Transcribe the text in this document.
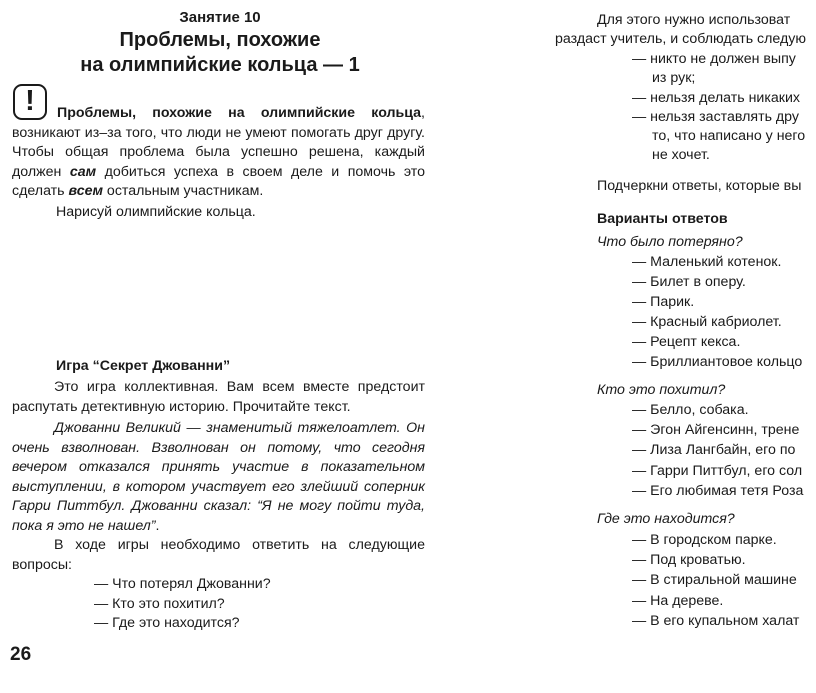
Занятие 10
Проблемы, похожие
на олимпийские кольца — 1
!	Проблемы, похожие на олимпийские кольца, возникают из–за того, что люди не умеют помогать друг другу. Чтобы общая проблема была успешно решена, каждый должен сам добиться успеха в своем деле и помочь это сделать всем остальным участникам.
Нарисуй олимпийские кольца.
Игра “Секрет Джованни”
Это игра коллективная. Вам всем вместе предстоит распутать детективную историю. Прочитайте текст.
Джованни Великий — знаменитый тяжелоатлет. Он очень взволнован. Взволнован он потому, что сегодня вечером отказался принять участие в показательном выступлении, в котором участвует его злейший соперник Гарри Питтбул. Джованни сказал: “Я не могу пойти туда, пока я это не нашел”.
В ходе игры необходимо ответить на следующие вопросы:
— Что потерял Джованни?
— Кто это похитил?
— Где это находится?
26
Для этого нужно использоват
раздаст учитель, и соблюдать следую
— никто не должен выпу
из рук;
— нельзя делать никаких
— нельзя заставлять дру
то, что написано у него
не хочет.
Подчеркни ответы, которые вы
Варианты ответов
Что было потеряно?
— Маленький котенок.
— Билет в оперу.
— Парик.
— Красный кабриолет.
— Рецепт кекса.
— Бриллиантовое кольцо
Кто это похитил?
— Белло, собака.
— Эгон Айгенсинн, трене
— Лиза Лангбайн, его по
— Гарри Питтбул, его сол
— Его любимая тетя Роза
Где это находится?
— В городском парке.
— Под кроватью.
— В стиральной машине
— На дереве.
— В его купальном халат
